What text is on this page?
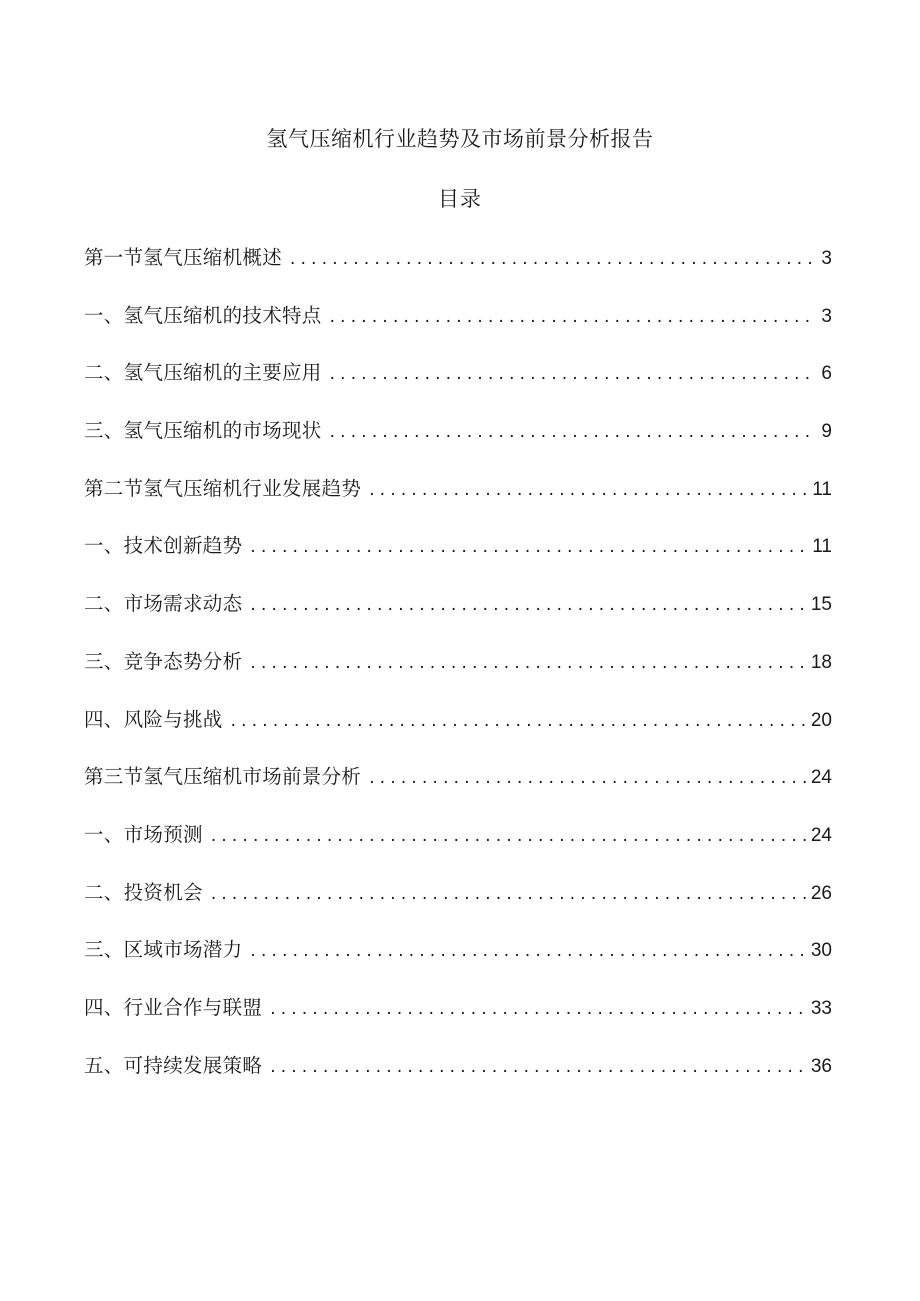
氢气压缩机行业趋势及市场前景分析报告
目录
第一节氢气压缩机概述 . . .	3
一、氢气压缩机的技术特点 . . .	3
二、氢气压缩机的主要应用 . . .	6
三、氢气压缩机的市场现状 . . .	9
第二节氢气压缩机行业发展趋势 . . .	11
一、技术创新趋势 . . .	11
二、市场需求动态 . . .	15
三、竞争态势分析 . . .	18
四、风险与挑战 . . .	20
第三节氢气压缩机市场前景分析 . . .	24
一、市场预测 . . .	24
二、投资机会 . . .	26
三、区域市场潜力 . . .	30
四、行业合作与联盟 . . .	33
五、可持续发展策略 . . .	36
